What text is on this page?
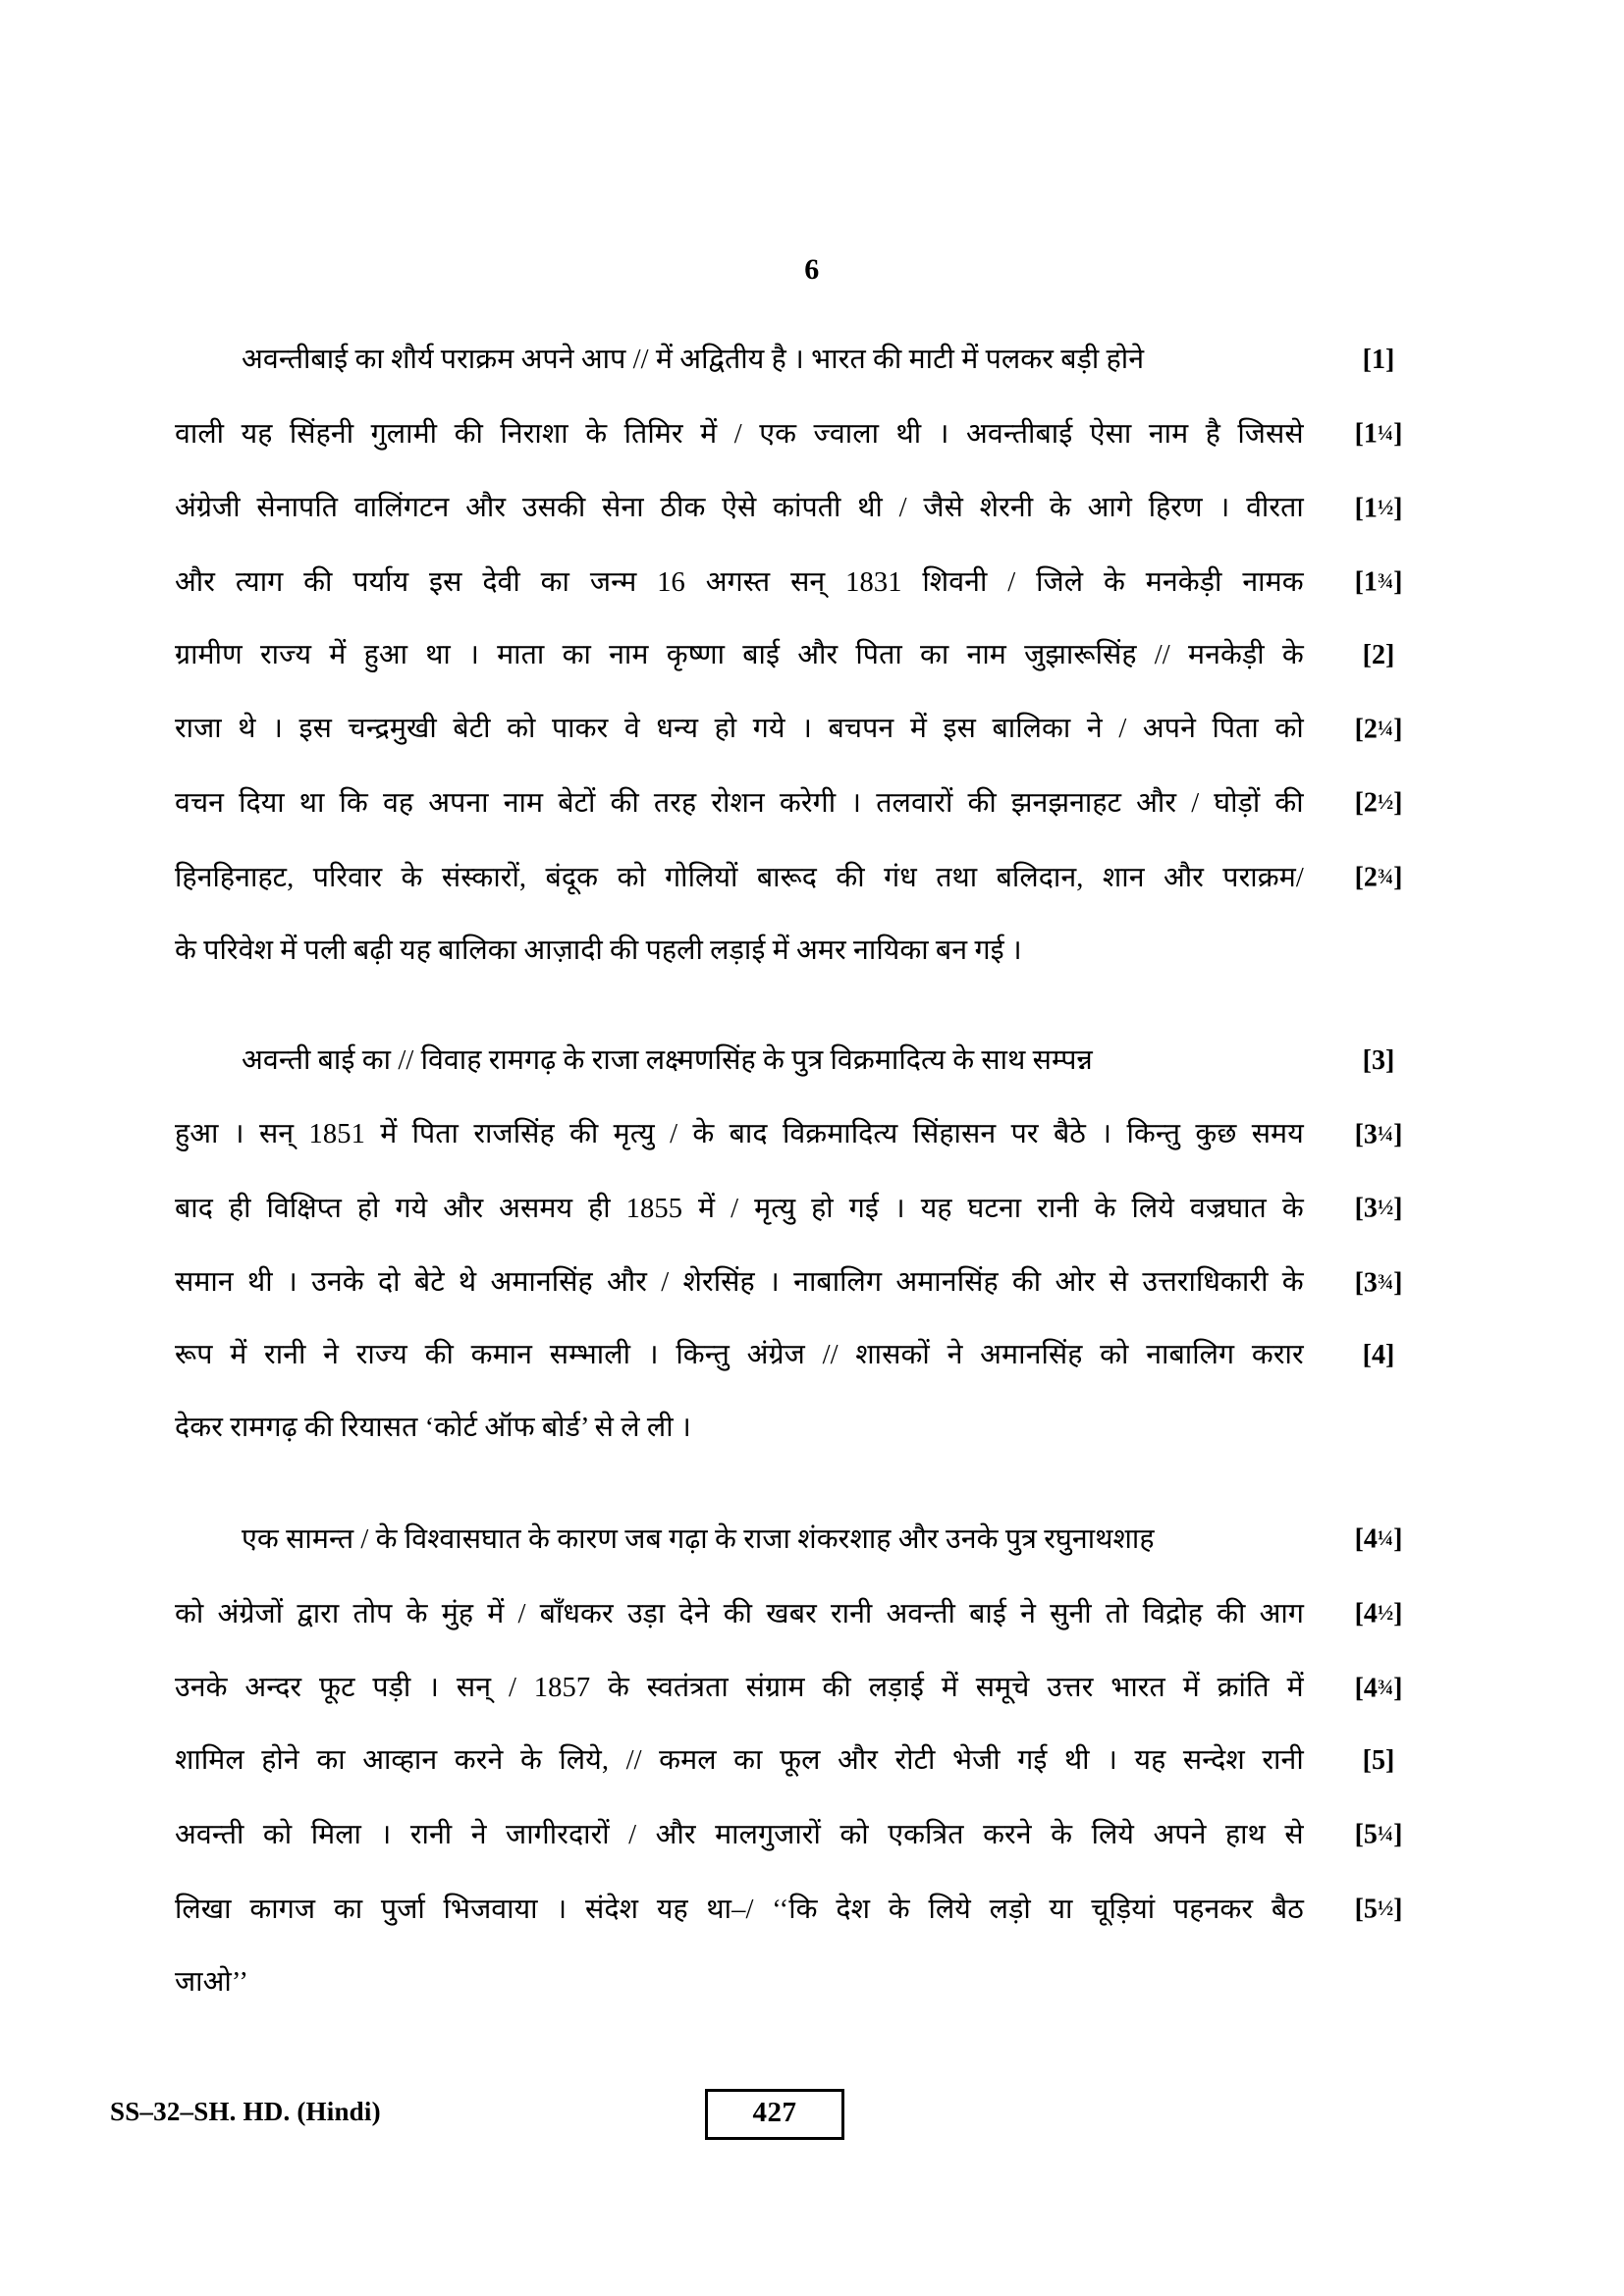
6
अवन्तीबाई का शौर्य पराक्रम अपने आप // में अद्वितीय है । भारत की माटी में पलकर बड़ी होने	[1]
वाली यह सिंहनी गुलामी की निराशा के तिमिर में / एक ज्वाला थी । अवन्तीबाई ऐसा नाम है जिससे	[1¼]
अंग्रेजी सेनापति वालिंगटन और उसकी सेना ठीक ऐसे कांपती थी / जैसे शेरनी के आगे हिरण । वीरता	[1½]
और त्याग की पर्याय इस देवी का जन्म 16 अगस्त सन् 1831 शिवनी / जिले के मनकेड़ी नामक	[1¾]
ग्रामीण राज्य में हुआ था । माता का नाम कृष्णा बाई और पिता का नाम जुझारूसिंह // मनकेड़ी के	[2]
राजा थे । इस चन्द्रमुखी बेटी को पाकर वे धन्य हो गये । बचपन में इस बालिका ने / अपने पिता को	[2¼]
वचन दिया था कि वह अपना नाम बेटों की तरह रोशन करेगी । तलवारों की झनझनाहट और / घोड़ों की	[2½]
हिनहिनाहट, परिवार के संस्कारों, बंदूक को गोलियों बारूद की गंध तथा बलिदान, शान और पराक्रम/	[2¾]
के परिवेश में पली बढ़ी यह बालिका आज़ादी की पहली लड़ाई में अमर नायिका बन गई ।
अवन्ती बाई का // विवाह रामगढ़ के राजा लक्ष्मणसिंह के पुत्र विक्रमादित्य के साथ सम्पन्न	[3]
हुआ । सन् 1851 में पिता राजसिंह की मृत्यु / के बाद विक्रमादित्य सिंहासन पर बैठे । किन्तु कुछ समय	[3¼]
बाद ही विक्षिप्त हो गये और असमय ही 1855 में / मृत्यु हो गई । यह घटना रानी के लिये वज्रघात के	[3½]
समान थी । उनके दो बेटे थे अमानसिंह और / शेरसिंह । नाबालिग अमानसिंह की ओर से उत्तराधिकारी के	[3¾]
रूप में रानी ने राज्य की कमान सम्भाली । किन्तु अंग्रेज // शासकों ने अमानसिंह को नाबालिग करार	[4]
देकर रामगढ़ की रियासत ‘कोर्ट ऑफ बोर्ड’ से ले ली ।
एक सामन्त / के विश्वासघात के कारण जब गढ़ा के राजा शंकरशाह और उनके पुत्र रघुनाथशाह	[4¼]
को अंग्रेजों द्वारा तोप के मुंह में / बाँधकर उड़ा देने की खबर रानी अवन्ती बाई ने सुनी तो विद्रोह की आग	[4½]
उनके अन्दर फूट पड़ी । सन् / 1857 के स्वतंत्रता संग्राम की लड़ाई में समूचे उत्तर भारत में क्रांति में	[4¾]
शामिल होने का आव्हान करने के लिये, // कमल का फूल और रोटी भेजी गई थी । यह सन्देश रानी	[5]
अवन्ती को मिला । रानी ने जागीरदारों / और मालगुजारों को एकत्रित करने के लिये अपने हाथ से	[5¼]
लिखा कागज का पुर्जा भिजवाया । संदेश यह था–/ ‘‘कि देश के लिये लड़ो या चूड़ियां पहनकर बैठ	[5½]
जाओ’’
SS–32–SH. HD. (Hindi)	427
